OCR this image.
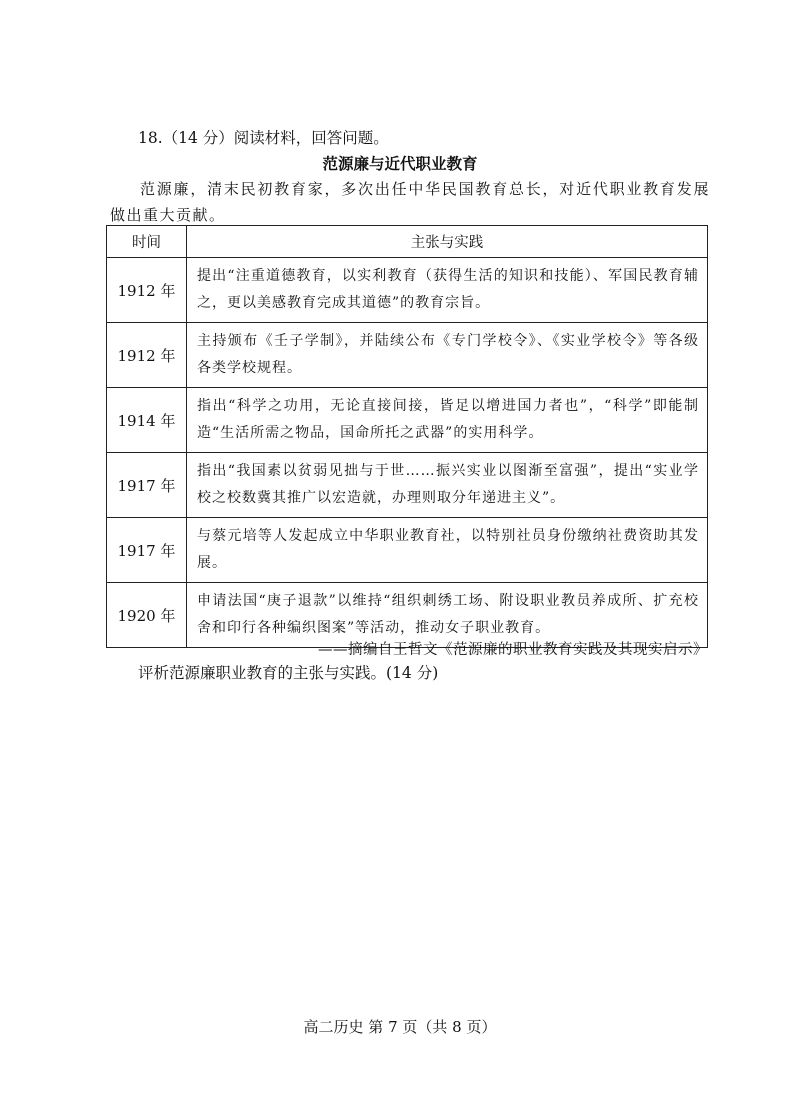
18.（14 分）阅读材料，回答问题。
范源廉与近代职业教育
范源廉，清末民初教育家，多次出任中华民国教育总长，对近代职业教育发展做出重大贡献。
时间	主张与实践
1912 年	提出“注重道德教育，以实利教育（获得生活的知识和技能）、军国民教育辅之，更以美感教育完成其道德”的教育宗旨。
1912 年	主持颁布《壬子学制》，并陆续公布《专门学校令》、《实业学校令》等各级各类学校规程。
1914 年	指出“科学之功用，无论直接间接，皆足以增进国力者也”，“科学”即能制造“生活所需之物品，国命所托之武器”的实用科学。
1917 年	指出“我国素以贫弱见拙与于世……振兴实业以图渐至富强”，提出“实业学校之校数冀其推广以宏造就，办理则取分年递进主义”。
1917 年	与蔡元培等人发起成立中华职业教育社，以特别社员身份缴纳社费资助其发展。
1920 年	申请法国“庚子退款”以维持“组织刺绣工场、附设职业教员养成所、扩充校舍和印行各种编织图案”等活动，推动女子职业教育。
——摘编自王哲文《范源廉的职业教育实践及其现实启示》
评析范源廉职业教育的主张与实践。(14 分)
高二历史 第 7 页（共 8 页）
